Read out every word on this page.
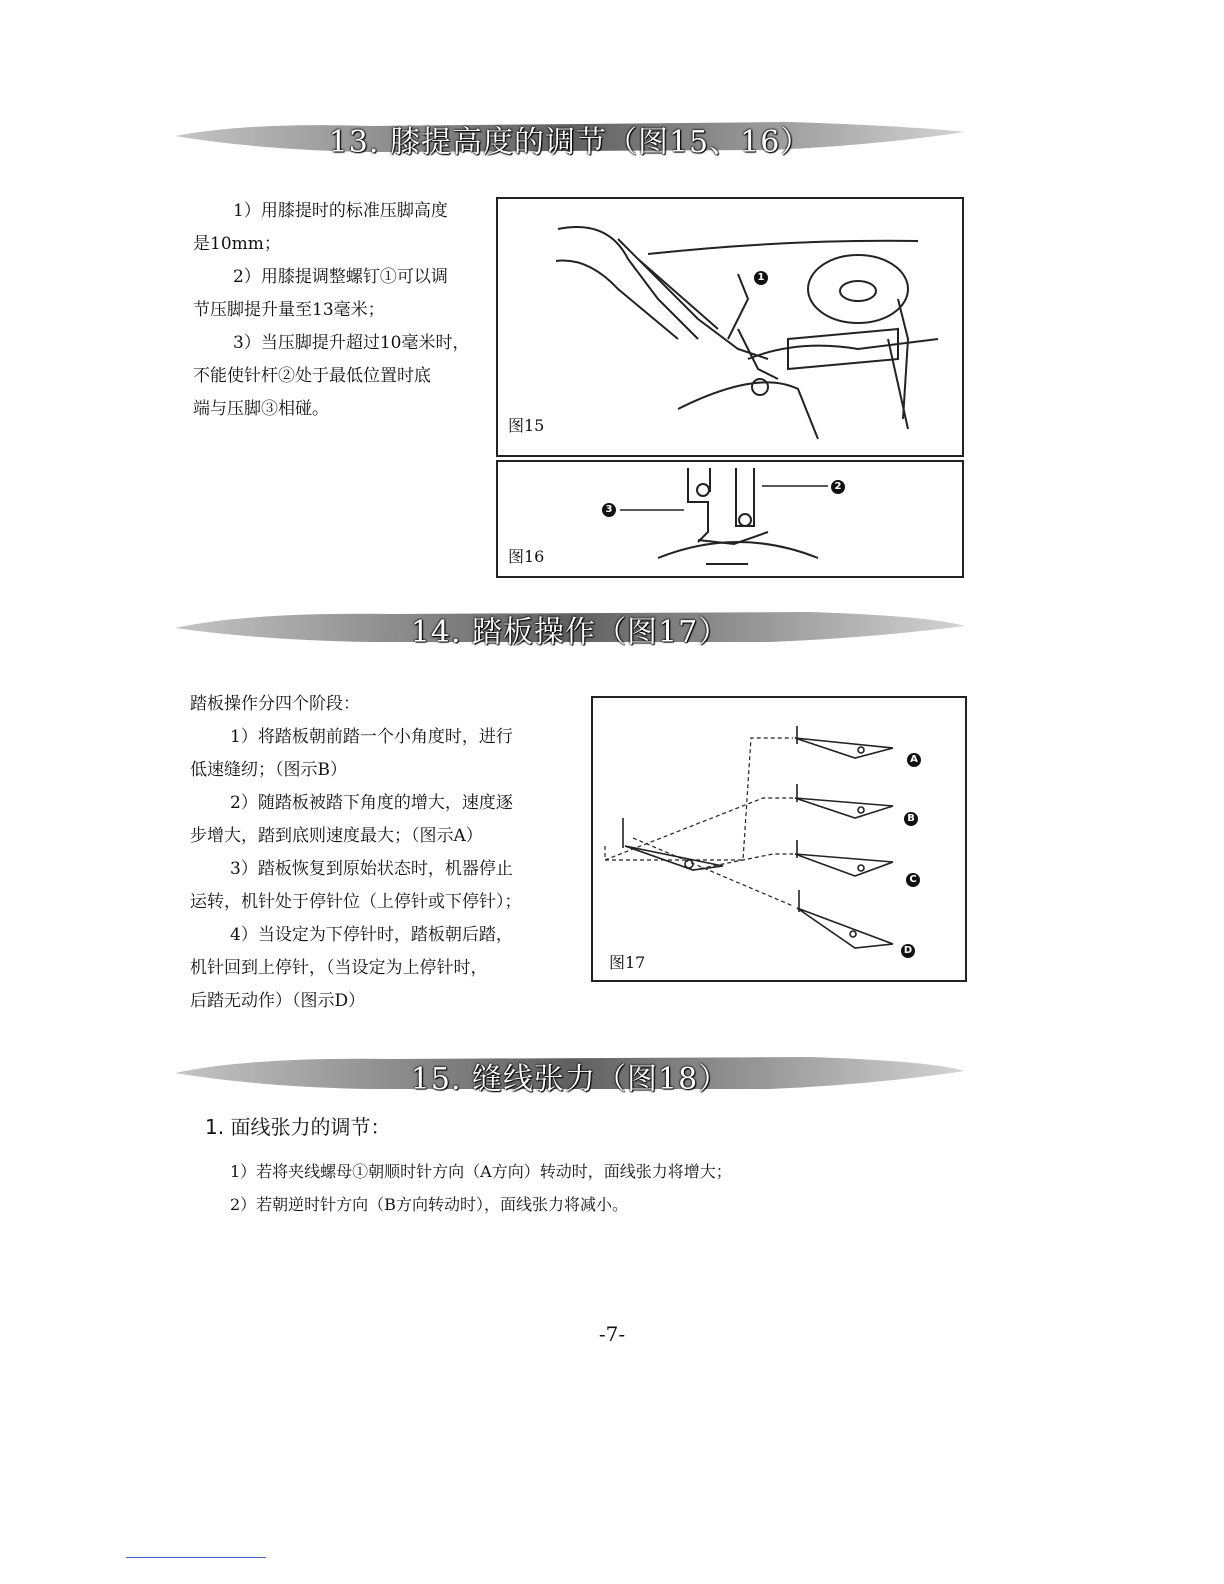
13. 膝提高度的调节（图15、16）

1）用膝提时的标准压脚高度

是10mm；

2）用膝提调整螺钉①可以调

节压脚提升量至13毫米；

3）当压脚提升超过10毫米时，

不能使针杆②处于最低位置时底

端与压脚③相碰。

1
图15
2
3
图16
14. 踏板操作（图17）

踏板操作分四个阶段：

1）将踏板朝前踏一个小角度时，进行

低速缝纫；（图示B）

2）随踏板被踏下角度的增大，速度逐

步增大，踏到底则速度最大；（图示A）

3）踏板恢复到原始状态时，机器停止

运转，机针处于停针位（上停针或下停针）；

4）当设定为下停针时，踏板朝后踏，

机针回到上停针，（当设定为上停针时，

后踏无动作）（图示D）

A
B
C
D
图17
15. 缝线张力（图18）
1. 面线张力的调节：

1）若将夹线螺母①朝顺时针方向（A方向）转动时，面线张力将增大；

2）若朝逆时针方向（B方向转动时），面线张力将减小。

-7-
